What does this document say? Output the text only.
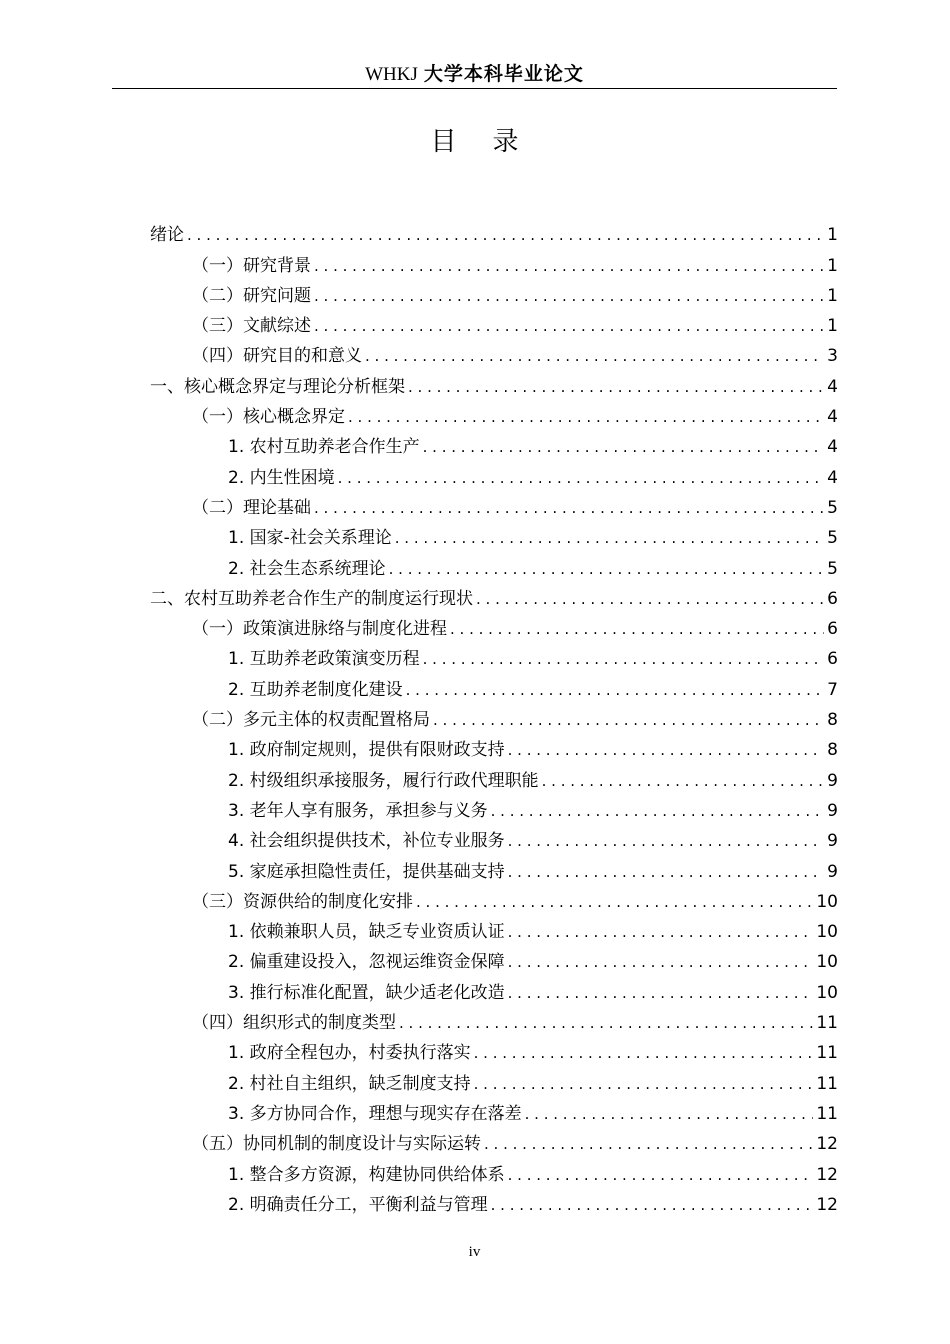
WHKJ 大学本科毕业论文
目录
绪论 . . .	1
（一）研究背景 . . .	1
（二）研究问题 . . .	1
（三）文献综述 . . .	1
（四）研究目的和意义 . . .	3
一、核心概念界定与理论分析框架 . . .	4
（一）核心概念界定 . . .	4
1. 农村互助养老合作生产 . . .	4
2. 内生性困境 . . .	4
（二）理论基础 . . .	5
1. 国家-社会关系理论 . . .	5
2. 社会生态系统理论 . . .	5
二、农村互助养老合作生产的制度运行现状 . . .	6
（一）政策演进脉络与制度化进程 . . .	6
1. 互助养老政策演变历程 . . .	6
2. 互助养老制度化建设 . . .	7
（二）多元主体的权责配置格局 . . .	8
1. 政府制定规则，提供有限财政支持 . . .	8
2. 村级组织承接服务，履行行政代理职能 . . .	9
3. 老年人享有服务，承担参与义务 . . .	9
4. 社会组织提供技术，补位专业服务 . . .	9
5. 家庭承担隐性责任，提供基础支持 . . .	9
（三）资源供给的制度化安排 . . .	10
1. 依赖兼职人员，缺乏专业资质认证 . . .	10
2. 偏重建设投入，忽视运维资金保障 . . .	10
3. 推行标准化配置，缺少适老化改造 . . .	10
（四）组织形式的制度类型 . . .	11
1. 政府全程包办，村委执行落实 . . .	11
2. 村社自主组织，缺乏制度支持 . . .	11
3. 多方协同合作，理想与现实存在落差 . . .	11
（五）协同机制的制度设计与实际运转 . . .	12
1. 整合多方资源，构建协同供给体系 . . .	12
2. 明确责任分工，平衡利益与管理 . . .	12
iv
